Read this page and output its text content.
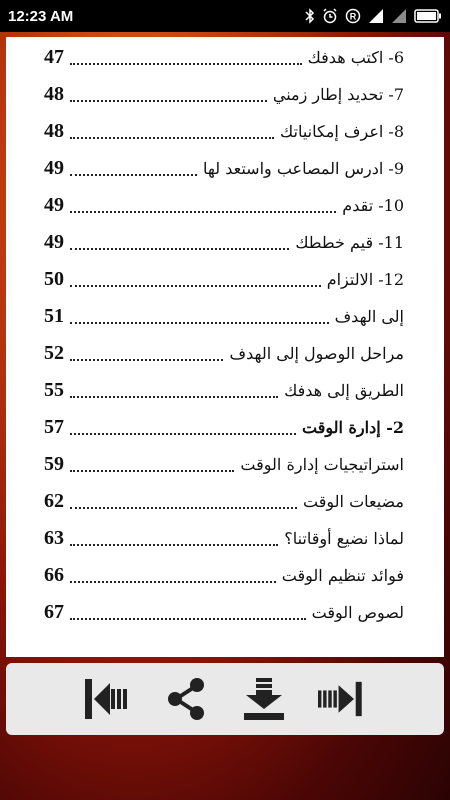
12:23 AM	R
47	6- اكتب هدفك
48	7- تحديد إطار زمني
48	8- اعرف إمكانياتك
49	9- ادرس المصاعب واستعد لها
49	10- تقدم
49	11- قيم خططك
50	12- الالتزام
51	إلى الهدف
52	مراحل الوصول إلى الهدف
55	الطريق إلى هدفك
57	2- إدارة الوقت
59	استراتيجيات إدارة الوقت
62	مضيعات الوقت
63	لماذا نضيع أوقاتنا؟
66	فوائد تنظيم الوقت
67	لصوص الوقت
